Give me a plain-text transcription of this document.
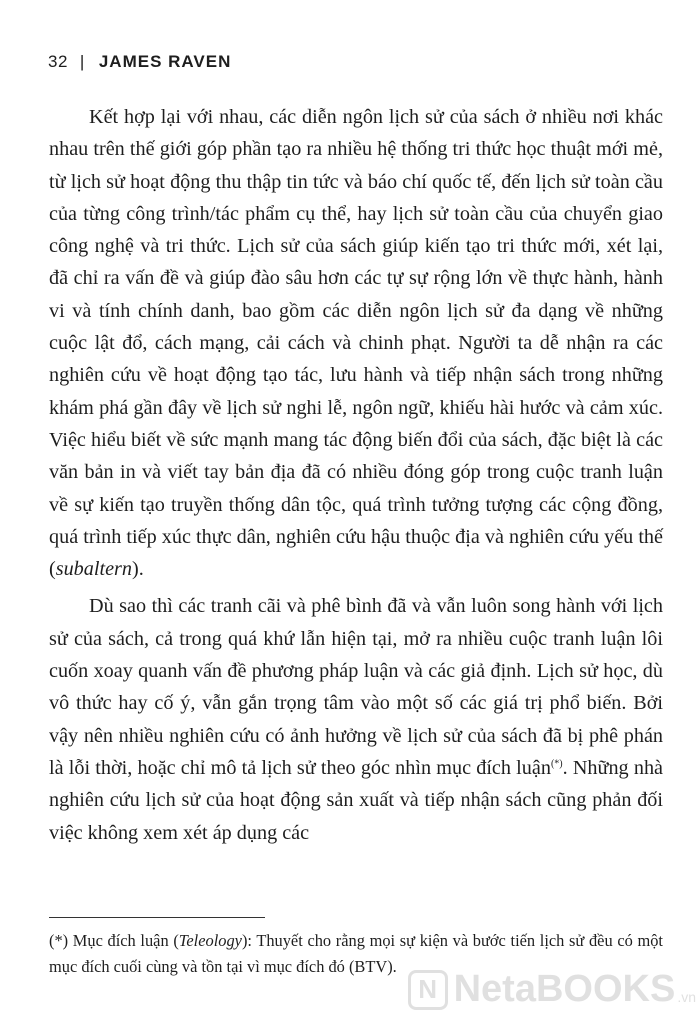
32 | JAMES RAVEN

Kết hợp lại với nhau, các diễn ngôn lịch sử của sách ở nhiều nơi khác nhau trên thế giới góp phần tạo ra nhiều hệ thống tri thức học thuật mới mẻ, từ lịch sử hoạt động thu thập tin tức và báo chí quốc tế, đến lịch sử toàn cầu của từng công trình/tác phẩm cụ thể, hay lịch sử toàn cầu của chuyển giao công nghệ và tri thức. Lịch sử của sách giúp kiến tạo tri thức mới, xét lại, đã chỉ ra vấn đề và giúp đào sâu hơn các tự sự rộng lớn về thực hành, hành vi và tính chính danh, bao gồm các diễn ngôn lịch sử đa dạng về những cuộc lật đổ, cách mạng, cải cách và chinh phạt. Người ta dễ nhận ra các nghiên cứu về hoạt động tạo tác, lưu hành và tiếp nhận sách trong những khám phá gần đây về lịch sử nghi lễ, ngôn ngữ, khiếu hài hước và cảm xúc. Việc hiểu biết về sức mạnh mang tác động biến đổi của sách, đặc biệt là các văn bản in và viết tay bản địa đã có nhiều đóng góp trong cuộc tranh luận về sự kiến tạo truyền thống dân tộc, quá trình tưởng tượng các cộng đồng, quá trình tiếp xúc thực dân, nghiên cứu hậu thuộc địa và nghiên cứu yếu thế (subaltern).

Dù sao thì các tranh cãi và phê bình đã và vẫn luôn song hành với lịch sử của sách, cả trong quá khứ lẫn hiện tại, mở ra nhiều cuộc tranh luận lôi cuốn xoay quanh vấn đề phương pháp luận và các giả định. Lịch sử học, dù vô thức hay cố ý, vẫn gắn trọng tâm vào một số các giá trị phổ biến. Bởi vậy nên nhiều nghiên cứu có ảnh hưởng về lịch sử của sách đã bị phê phán là lỗi thời, hoặc chỉ mô tả lịch sử theo góc nhìn mục đích luận(*). Những nhà nghiên cứu lịch sử của hoạt động sản xuất và tiếp nhận sách cũng phản đối việc không xem xét áp dụng các

(*) Mục đích luận (Teleology): Thuyết cho rằng mọi sự kiện và bước tiến lịch sử đều có một mục đích cuối cùng và tồn tại vì mục đích đó (BTV).
N NetaBOOKS .vn
